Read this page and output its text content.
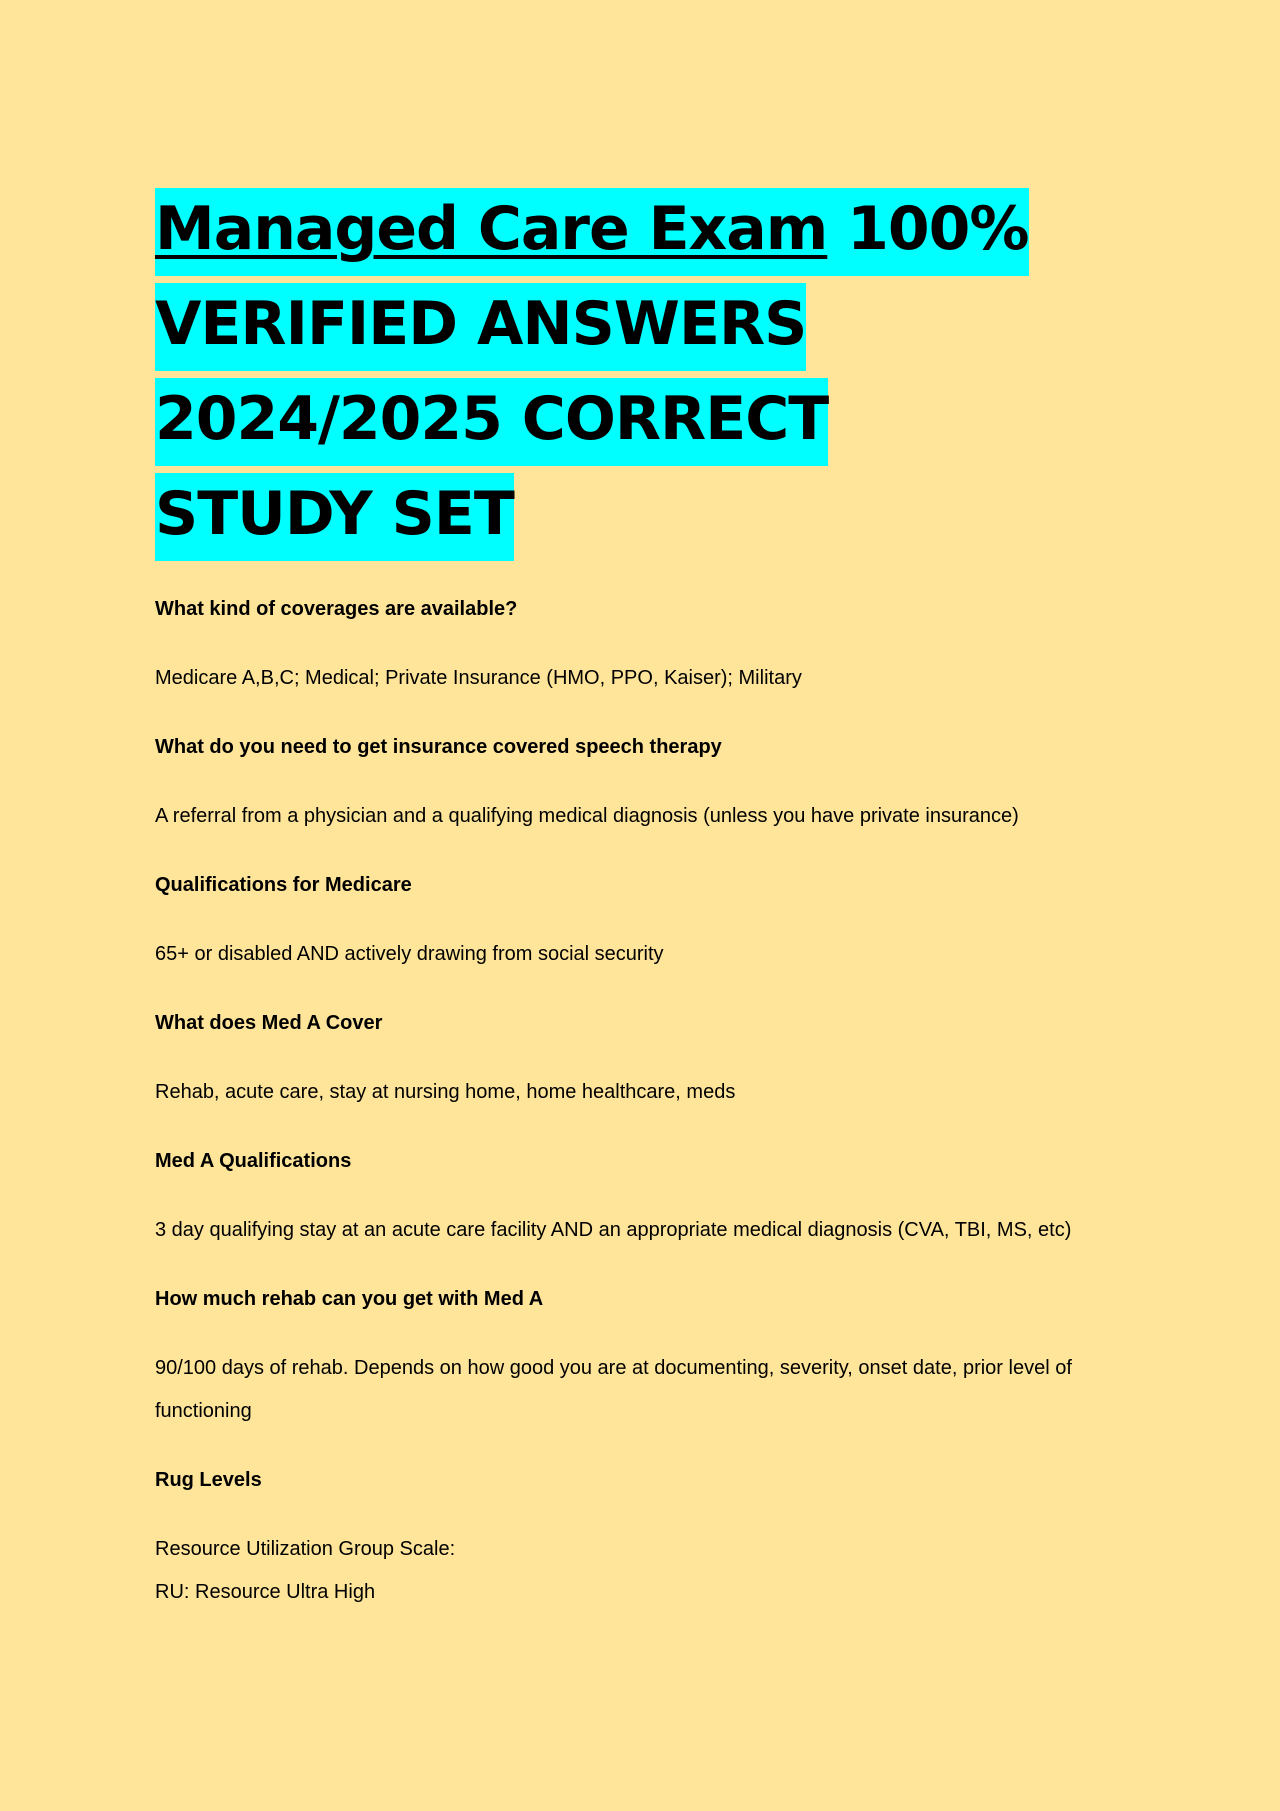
Managed Care Exam 100% VERIFIED ANSWERS 2024/2025 CORRECT STUDY SET

What kind of coverages are available?

Medicare A,B,C; Medical; Private Insurance (HMO, PPO, Kaiser); Military

What do you need to get insurance covered speech therapy

A referral from a physician and a qualifying medical diagnosis (unless you have private insurance)

Qualifications for Medicare

65+ or disabled AND actively drawing from social security

What does Med A Cover

Rehab, acute care, stay at nursing home, home healthcare, meds

Med A Qualifications

3 day qualifying stay at an acute care facility AND an appropriate medical diagnosis (CVA, TBI, MS, etc)

How much rehab can you get with Med A

90/100 days of rehab. Depends on how good you are at documenting, severity, onset date, prior level of functioning

Rug Levels

Resource Utilization Group Scale:
RU: Resource Ultra High
